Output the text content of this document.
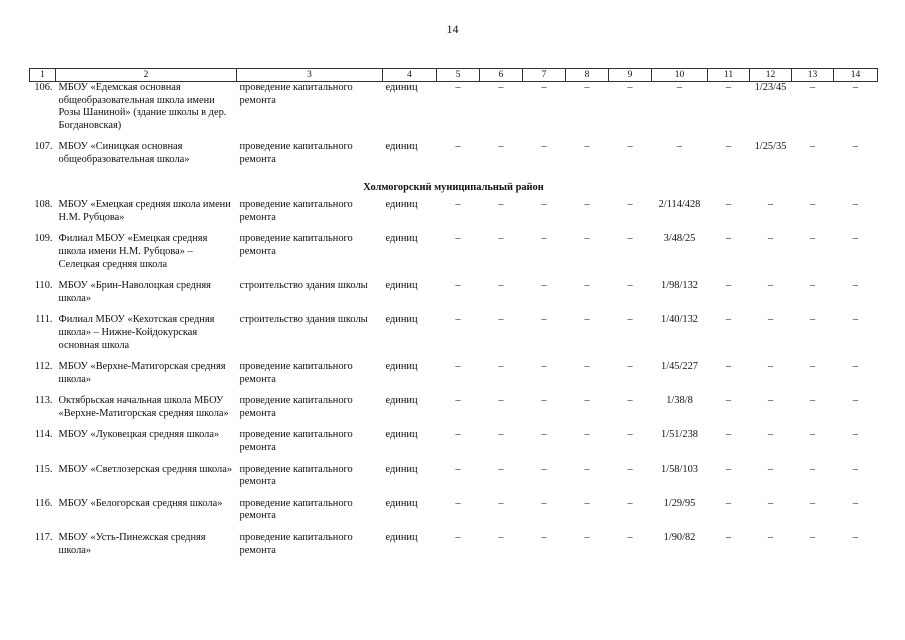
14
1	2	3	4	5	6	7	8	9	10	11	12	13	14
106.	МБОУ «Едемская основная общеобразовательная школа имени Розы Шаниной» (здание школы в дер. Богдановская)	проведение капитального ремонта	единиц	–	–	–	–	–	–	–	1/23/45	–	–
107.	МБОУ «Синицкая основная общеобразовательная школа»	проведение капитального ремонта	единиц	–	–	–	–	–	–	–	1/25/35	–	–
Холмогорский муниципальный район													
108.	МБОУ «Емецкая средняя школа имени Н.М. Рубцова»	проведение капитального ремонта	единиц	–	–	–	–	–	2/114/428	–	–	–	–
109.	Филиал МБОУ «Емецкая средняя школа имени Н.М. Рубцова» – Селецкая средняя школа	проведение капитального ремонта	единиц	–	–	–	–	–	3/48/25	–	–	–	–
110.	МБОУ «Брин-Наволоцкая средняя школа»	строительство здания школы	единиц	–	–	–	–	–	1/98/132	–	–	–	–
111.	Филиал МБОУ «Кехотская средняя школа» – Нижне-Койдокурская основная школа	строительство здания школы	единиц	–	–	–	–	–	1/40/132	–	–	–	–
112.	МБОУ «Верхне-Матигорская средняя школа»	проведение капитального ремонта	единиц	–	–	–	–	–	1/45/227	–	–	–	–
113.	Октябрьская начальная школа МБОУ «Верхне-Матигорская средняя школа»	проведение капитального ремонта	единиц	–	–	–	–	–	1/38/8	–	–	–	–
114.	МБОУ «Луковецкая средняя школа»	проведение капитального ремонта	единиц	–	–	–	–	–	1/51/238	–	–	–	–
115.	МБОУ «Светлозерская средняя школа»	проведение капитального ремонта	единиц	–	–	–	–	–	1/58/103	–	–	–	–
116.	МБОУ «Белогорская средняя школа»	проведение капитального ремонта	единиц	–	–	–	–	–	1/29/95	–	–	–	–
117.	МБОУ «Усть-Пинежская средняя школа»	проведение капитального ремонта	единиц	–	–	–	–	–	1/90/82	–	–	–	–
